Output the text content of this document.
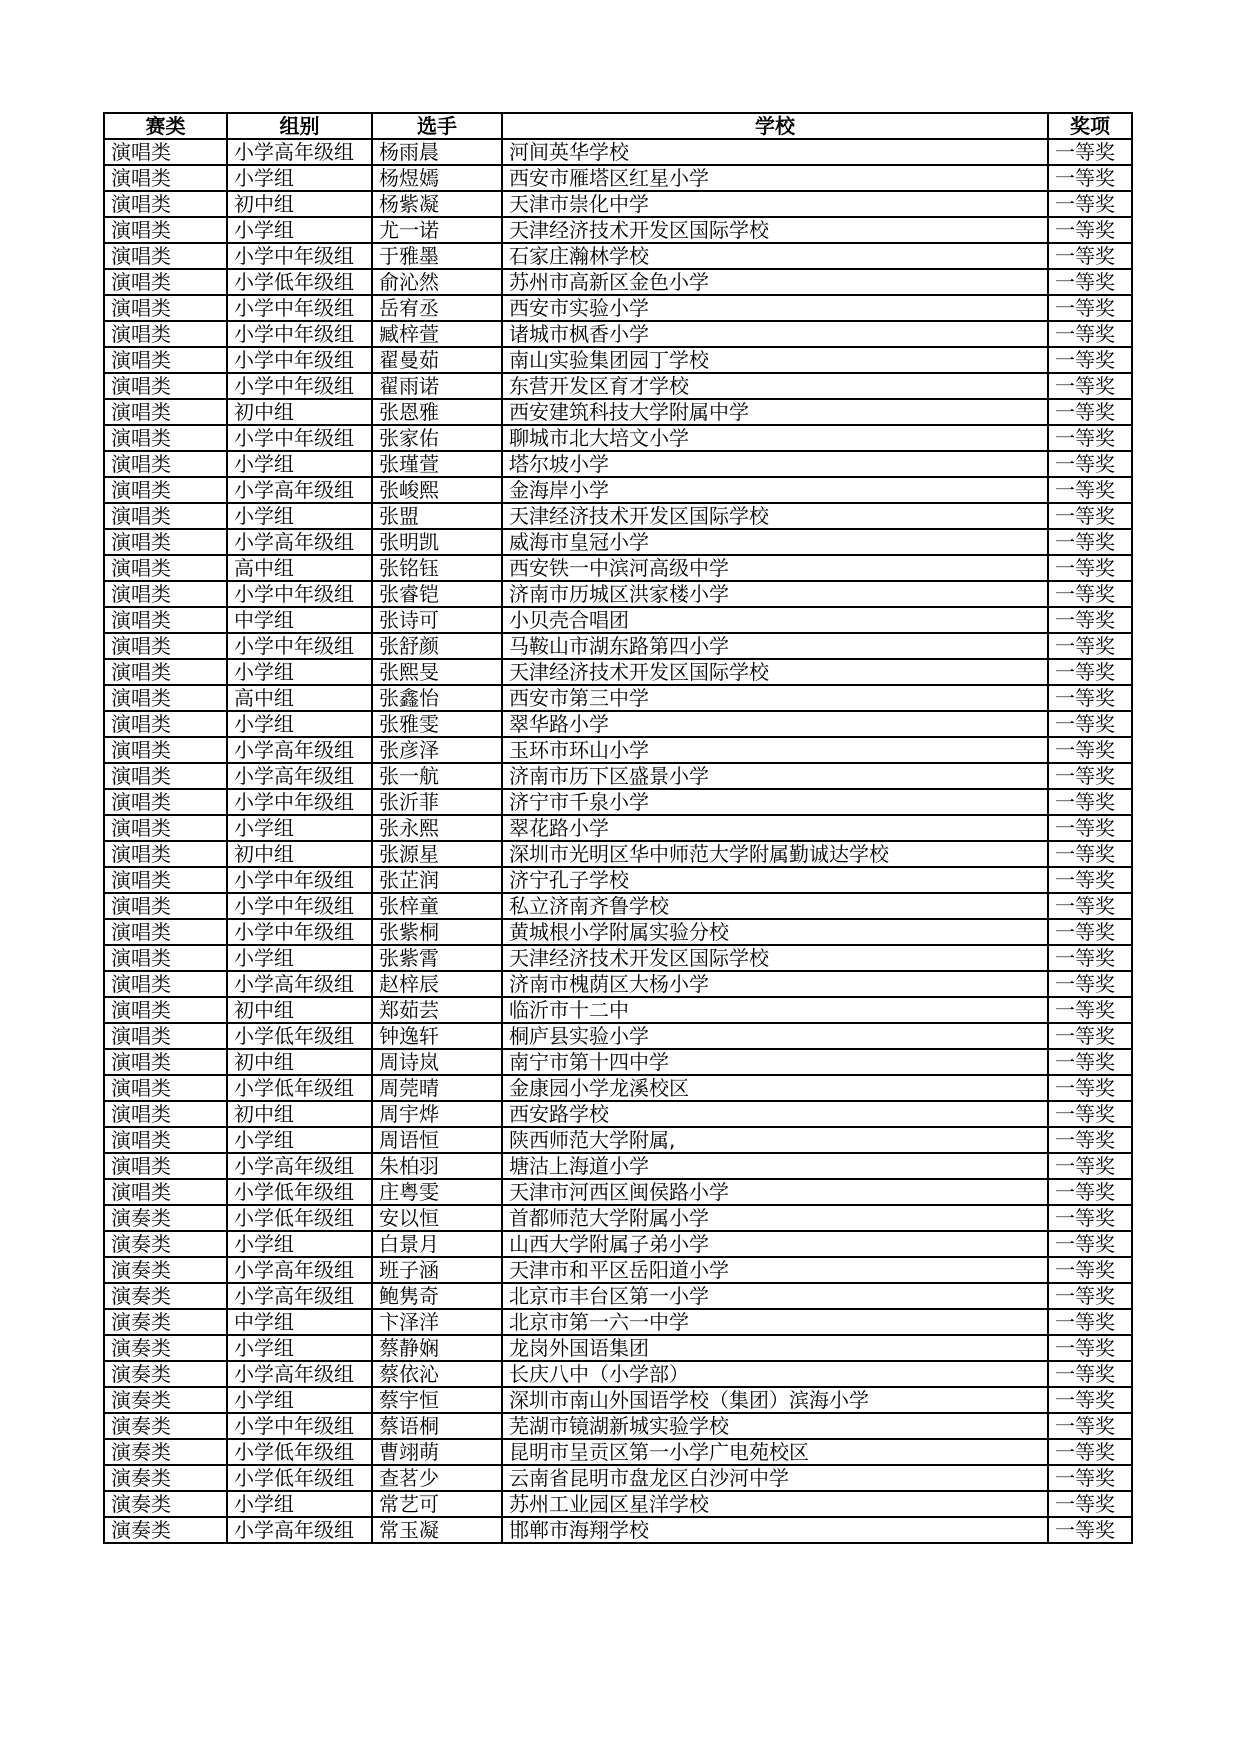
赛类	组别	选手	学校	奖项
演唱类	小学高年级组	杨雨晨	河间英华学校	一等奖
演唱类	小学组	杨煜嫣	西安市雁塔区红星小学	一等奖
演唱类	初中组	杨紫凝	天津市崇化中学	一等奖
演唱类	小学组	尤一诺	天津经济技术开发区国际学校	一等奖
演唱类	小学中年级组	于雅墨	石家庄瀚林学校	一等奖
演唱类	小学低年级组	俞沁然	苏州市高新区金色小学	一等奖
演唱类	小学中年级组	岳宥丞	西安市实验小学	一等奖
演唱类	小学中年级组	臧梓萱	诸城市枫香小学	一等奖
演唱类	小学中年级组	翟曼茹	南山实验集团园丁学校	一等奖
演唱类	小学中年级组	翟雨诺	东营开发区育才学校	一等奖
演唱类	初中组	张恩雅	西安建筑科技大学附属中学	一等奖
演唱类	小学中年级组	张家佑	聊城市北大培文小学	一等奖
演唱类	小学组	张瑾萱	塔尔坡小学	一等奖
演唱类	小学高年级组	张峻熙	金海岸小学	一等奖
演唱类	小学组	张盟	天津经济技术开发区国际学校	一等奖
演唱类	小学高年级组	张明凯	威海市皇冠小学	一等奖
演唱类	高中组	张铭钰	西安铁一中滨河高级中学	一等奖
演唱类	小学中年级组	张睿铠	济南市历城区洪家楼小学	一等奖
演唱类	中学组	张诗可	小贝壳合唱团	一等奖
演唱类	小学中年级组	张舒颜	马鞍山市湖东路第四小学	一等奖
演唱类	小学组	张熙旻	天津经济技术开发区国际学校	一等奖
演唱类	高中组	张鑫怡	西安市第三中学	一等奖
演唱类	小学组	张雅雯	翠华路小学	一等奖
演唱类	小学高年级组	张彦泽	玉环市环山小学	一等奖
演唱类	小学高年级组	张一航	济南市历下区盛景小学	一等奖
演唱类	小学中年级组	张沂菲	济宁市千泉小学	一等奖
演唱类	小学组	张永熙	翠花路小学	一等奖
演唱类	初中组	张源星	深圳市光明区华中师范大学附属勤诚达学校	一等奖
演唱类	小学中年级组	张芷润	济宁孔子学校	一等奖
演唱类	小学中年级组	张梓童	私立济南齐鲁学校	一等奖
演唱类	小学中年级组	张紫桐	黄城根小学附属实验分校	一等奖
演唱类	小学组	张紫霄	天津经济技术开发区国际学校	一等奖
演唱类	小学高年级组	赵梓辰	济南市槐荫区大杨小学	一等奖
演唱类	初中组	郑茹芸	临沂市十二中	一等奖
演唱类	小学低年级组	钟逸轩	桐庐县实验小学	一等奖
演唱类	初中组	周诗岚	南宁市第十四中学	一等奖
演唱类	小学低年级组	周莞晴	金康园小学龙溪校区	一等奖
演唱类	初中组	周宇烨	西安路学校	一等奖
演唱类	小学组	周语恒	陕西师范大学附属,	一等奖
演唱类	小学高年级组	朱柏羽	塘沽上海道小学	一等奖
演唱类	小学低年级组	庄粤雯	天津市河西区闽侯路小学	一等奖
演奏类	小学低年级组	安以恒	首都师范大学附属小学	一等奖
演奏类	小学组	白景月	山西大学附属子弟小学	一等奖
演奏类	小学高年级组	班子涵	天津市和平区岳阳道小学	一等奖
演奏类	小学高年级组	鲍隽奇	北京市丰台区第一小学	一等奖
演奏类	中学组	卞泽洋	北京市第一六一中学	一等奖
演奏类	小学组	蔡静娴	龙岗外国语集团	一等奖
演奏类	小学高年级组	蔡依沁	长庆八中（小学部）	一等奖
演奏类	小学组	蔡宇恒	深圳市南山外国语学校（集团）滨海小学	一等奖
演奏类	小学中年级组	蔡语桐	芜湖市镜湖新城实验学校	一等奖
演奏类	小学低年级组	曹翊萌	昆明市呈贡区第一小学广电苑校区	一等奖
演奏类	小学低年级组	查茗少	云南省昆明市盘龙区白沙河中学	一等奖
演奏类	小学组	常艺可	苏州工业园区星洋学校	一等奖
演奏类	小学高年级组	常玉凝	邯郸市海翔学校	一等奖
